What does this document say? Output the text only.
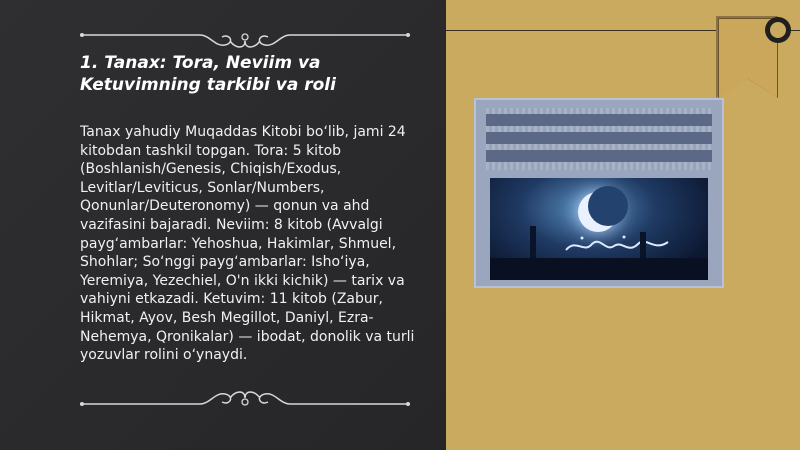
1. Tanax: Tora, Neviim va Ketuvimning tarkibi va roli
Tanax yahudiy Muqaddas Kitobi bo‘lib, jami 24 kitobdan tashkil topgan. Tora: 5 kitob (Boshlanish/Genesis, Chiqish/Exodus, Levitlar/Leviticus, Sonlar/Numbers, Qonunlar/Deuteronomy) — qonun va ahd vazifasini bajaradi. Neviim: 8 kitob (Avvalgi payg‘ambarlar: Yehoshua, Hakimlar, Shmuel, Shohlar; So‘nggi payg‘ambarlar: Isho‘iya, Yeremiya, Yezechiel, O'n ikki kichik) — tarix va vahiyni etkazadi. Ketuvim: 11 kitob (Zabur, Hikmat, Ayov, Besh Megillot, Daniyl, Ezra-Nehemya, Qronikalar) — ibodat, donolik va turli yozuvlar rolini o‘ynaydi.
